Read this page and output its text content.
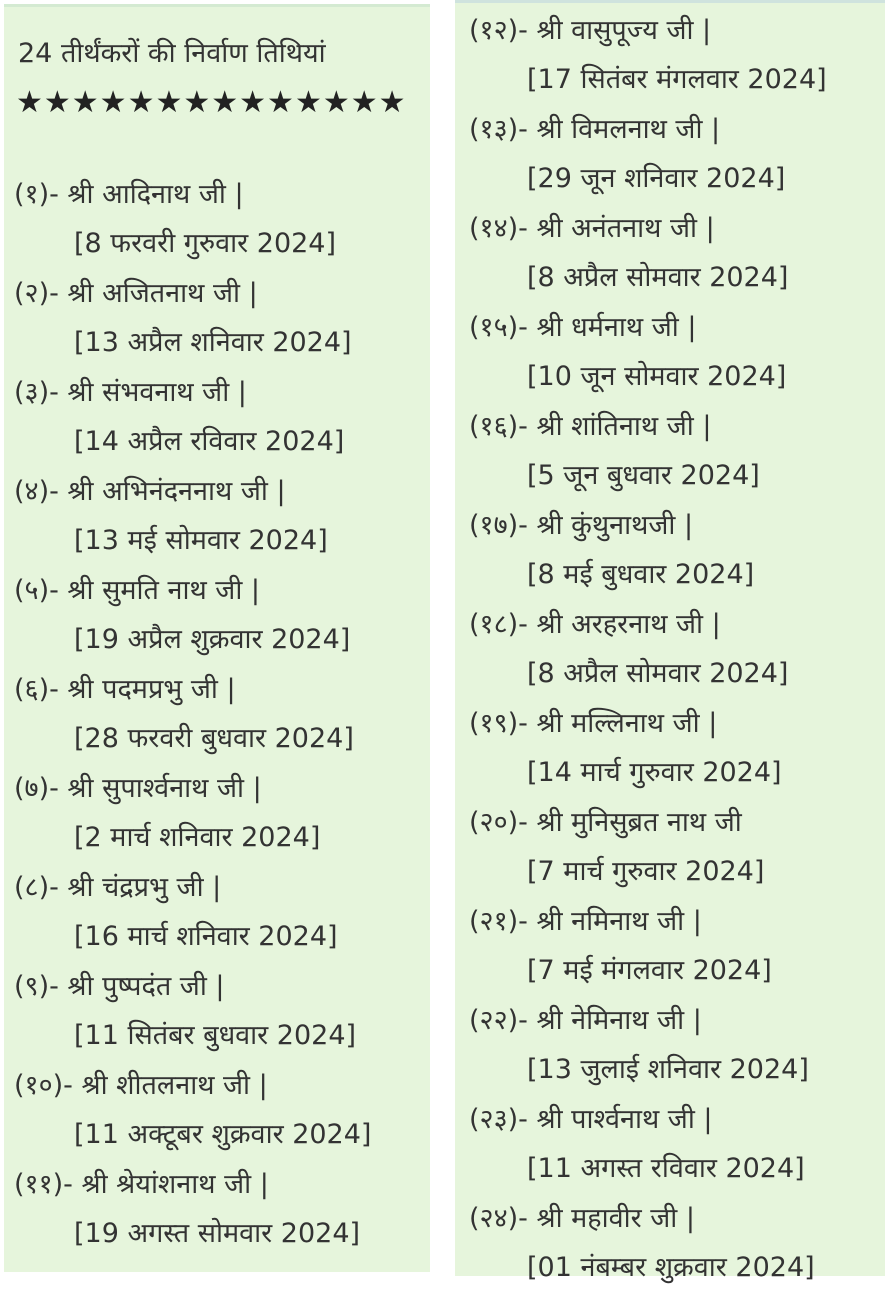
24 तीर्थंकरों की निर्वाण तिथियां
★★★★★★★★★★★★★★
(१)- श्री आदिनाथ जी |
[8 फरवरी गुरुवार 2024]
(२)- श्री अजितनाथ जी |
[13 अप्रैल शनिवार 2024]
(३)- श्री संभवनाथ जी |
[14 अप्रैल रविवार 2024]
(४)- श्री अभिनंदननाथ जी |
[13 मई सोमवार 2024]
(५)- श्री सुमति नाथ जी |
[19 अप्रैल शुक्रवार 2024]
(६)- श्री पदमप्रभु जी |
[28 फरवरी बुधवार 2024]
(७)- श्री सुपार्श्वनाथ जी |
[2 मार्च शनिवार 2024]
(८)- श्री चंद्रप्रभु जी |
[16 मार्च शनिवार 2024]
(९)- श्री पुष्पदंत जी |
[11 सितंबर बुधवार 2024]
(१०)- श्री शीतलनाथ जी |
[11 अक्टूबर शुक्रवार 2024]
(११)- श्री श्रेयांशनाथ जी |
[19 अगस्त सोमवार 2024]
(१२)- श्री वासुपूज्य जी |
[17 सितंबर मंगलवार 2024]
(१३)- श्री विमलनाथ जी |
[29 जून शनिवार 2024]
(१४)- श्री अनंतनाथ जी |
[8 अप्रैल सोमवार 2024]
(१५)- श्री धर्मनाथ जी |
[10 जून सोमवार 2024]
(१६)- श्री शांतिनाथ जी |
[5 जून बुधवार 2024]
(१७)- श्री कुंथुनाथजी |
[8 मई बुधवार 2024]
(१८)- श्री अरहरनाथ जी |
[8 अप्रैल सोमवार 2024]
(१९)- श्री मल्लिनाथ जी |
[14 मार्च गुरुवार 2024]
(२०)- श्री मुनिसुब्रत नाथ जी
[7 मार्च गुरुवार 2024]
(२१)- श्री नमिनाथ जी |
[7 मई मंगलवार 2024]
(२२)- श्री नेमिनाथ जी |
[13 जुलाई शनिवार 2024]
(२३)- श्री पार्श्वनाथ जी |
[11 अगस्त रविवार 2024]
(२४)- श्री महावीर जी |
[01 नंबम्बर शुक्रवार 2024]
